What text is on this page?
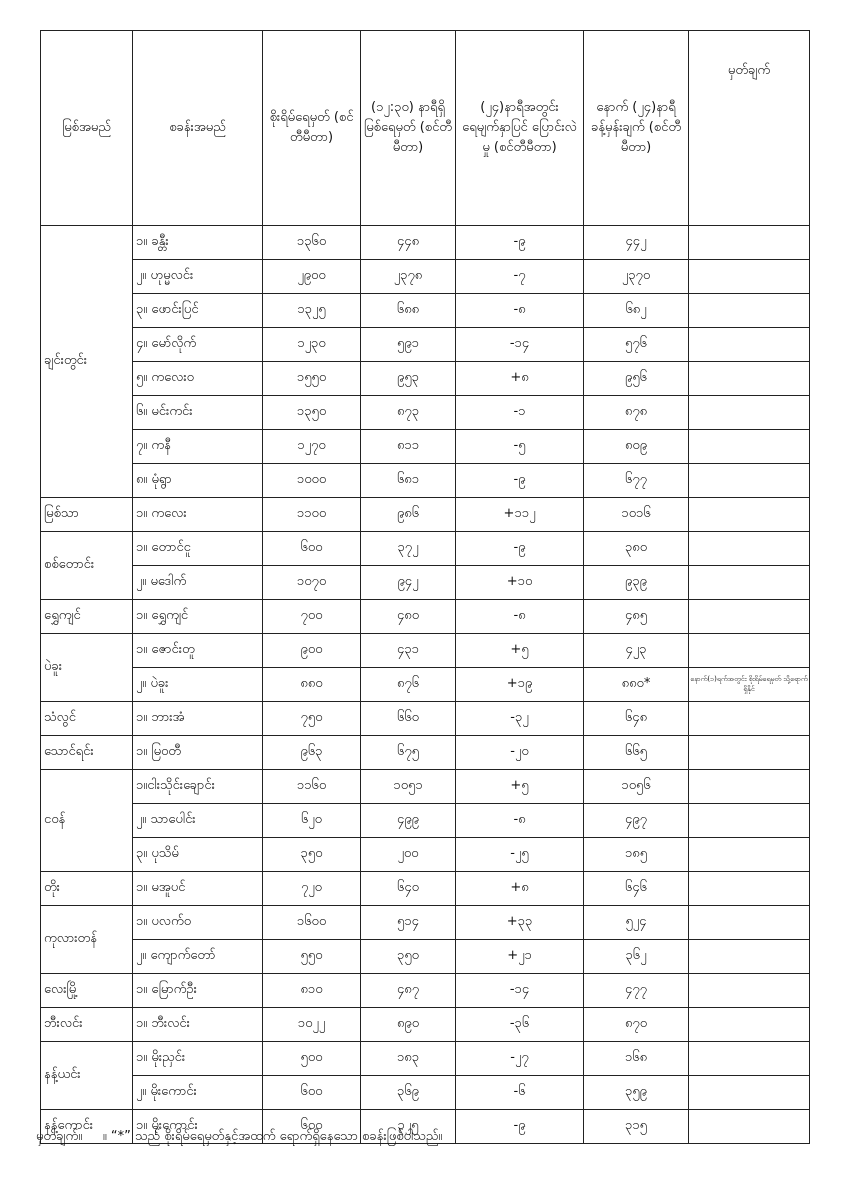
မြစ်အမည်	စခန်းအမည်	စိုးရိမ်ရေမှတ် (စင်တီမီတာ)	(၁၂:၃၀) နာရီရှိ မြစ်ရေမှတ် (စင်တီမီတာ)	(၂၄)နာရီအတွင်း ရေမျက်နှာပြင် ပြောင်းလဲမှု (စင်တီမီတာ)	နောက် (၂၄)နာရီ ခန့်မှန်းချက် (စင်တီမီတာ)	မှတ်ချက်
ချင်းတွင်း	၁။ ခန္တီး	၁၃၆၀	၄၄၈	-၉	၄၄၂	
	၂။ ဟုမ္မလင်း	၂၉၀၀	၂၃၇၈	-၇	၂၃၇၀	
	၃။ ဖောင်းပြင်	၁၃၂၅	၆၈၈	-၈	၆၈၂	
	၄။ မော်လိုက်	၁၂၃၀	၅၉၁	-၁၄	၅၇၆	
	၅။ ကလေးဝ	၁၅၅၀	၉၅၃	+၈	၉၅၆	
	၆။ မင်းကင်း	၁၃၅၀	၈၇၃	-၁	၈၇၈	
	၇။ ကနီ	၁၂၇၀	၈၁၁	-၅	၈၀၉	
	၈။ မုံရွာ	၁၀၀၀	၆၈၁	-၉	၆၇၇	
မြစ်သာ	၁။ ကလေး	၁၁၀၀	၉၈၆	+၁၁၂	၁၀၁၆	
စစ်တောင်း	၁။ တောင်ငူ	၆၀၀	၃၇၂	-၉	၃၈၀	
	၂။ မဒေါက်	၁၀၇၀	၉၄၂	+၁၀	၉၃၉	
ရွှေကျင်	၁။ ရွှေကျင်	၇၀၀	၄၈၀	-၈	၄၈၅	
ပဲခူး	၁။ ဇောင်းတူ	၉၀၀	၄၃၁	+၅	၄၂၃	
	၂။ ပဲခူး	၈၈၀	၈၇၆	+၁၉	၈၈၀*	နောက်(၁)ရက်အတွင်း စိုးရိမ်ရေမှတ် သို့ရောက်ရှိနိုင်
သံလွင်	၁။ ဘားအံ	၇၅၀	၆၆၀	-၃၂	၆၄၈	
သောင်ရင်း	၁။ မြဝတီ	၉၆၃	၆၇၅	-၂၀	၆၆၅	
ငဝန်	၁။ငါးသိုင်းချောင်း	၁၁၆၀	၁၀၅၁	+၅	၁၀၅၆	
	၂။ သာပေါင်း	၆၂၀	၄၉၉	-၈	၄၉၇	
	၃။ ပုသိမ်	၃၅၀	၂၀၀	-၂၅	၁၈၅	
တိုး	၁။ မအူပင်	၇၂၀	၆၄၀	+၈	၆၄၆	
ကုလားတန်	၁။ ပလက်ဝ	၁၆၀၀	၅၁၄	+၃၃	၅၂၄	
	၂။ ကျောက်တော်	၅၅၀	၃၅၀	+၂၁	၃၆၂	
လေးမြို့	၁။ မြောက်ဦး	၈၁၀	၄၈၇	-၁၄	၄၇၇	
ဘီးလင်း	၁။ ဘီးလင်း	၁၀၂၂	၈၉၀	-၃၆	၈၇၀	
နန့်ယင်း	၁။ မိုးညှင်း	၅၀၀	၁၈၃	-၂၇	၁၆၈	
	၂။ မိုးကောင်း	၆၀၀	၃၆၉	-၆	၃၅၉	
နန့်ကောင်း	၁။ မိုးကောင်း	၆၀၀	၃၂၅	-၉	၃၁၅	
မှတ်ချက်။     ။ “*” သည် စိုးရိမ်ရေမှတ်နှင့်အထက် ရောက်ရှိနေသော စခန်းဖြစ်ပါသည်။
